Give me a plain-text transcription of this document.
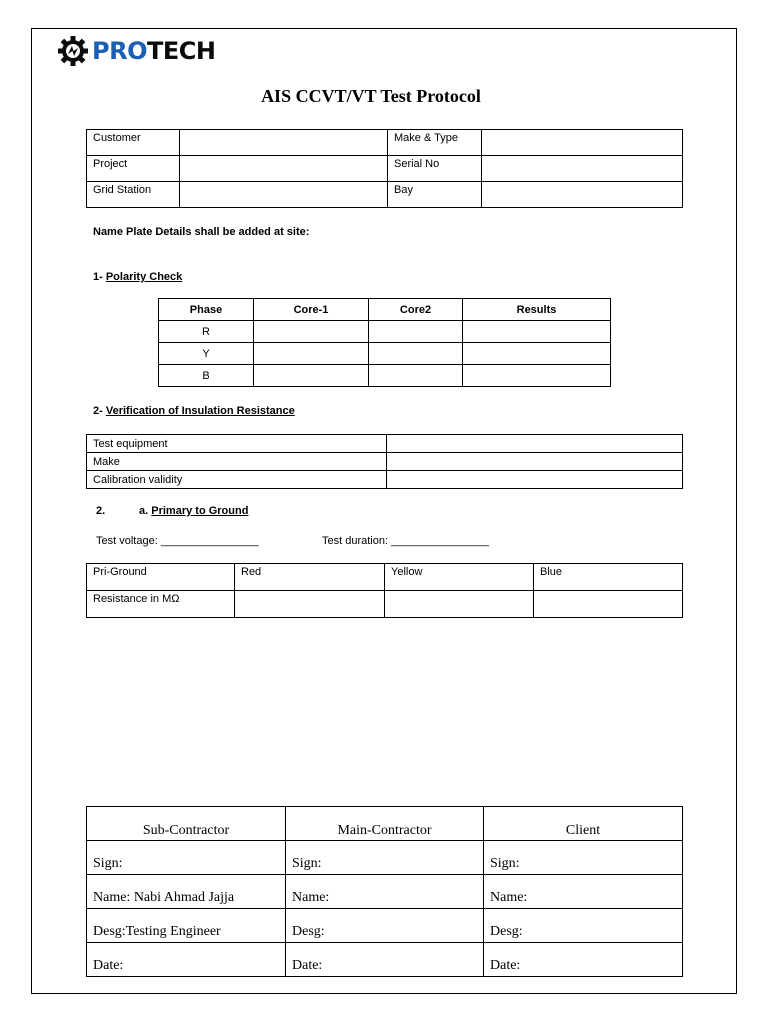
PROTECH
AIS CCVT/VT Test Protocol
Customer		Make & Type	
Project		Serial No	
Grid Station		Bay	
Name Plate Details shall be added at site:
1- Polarity Check
Phase	Core-1	Core2	Results
R			
Y			
B			
2- Verification of Insulation Resistance
Test equipment	
Make	
Calibration validity	
2.	a. Primary to Ground
Test voltage: ________________	Test duration: ________________
Pri-Ground	Red	Yellow	Blue
Resistance in MΩ			
Sub-Contractor	Main-Contractor	Client
Sign:	Sign:	Sign:
Name: Nabi Ahmad Jajja	Name:	Name:
Desg:Testing Engineer	Desg:	Desg:
Date:	Date:	Date:
